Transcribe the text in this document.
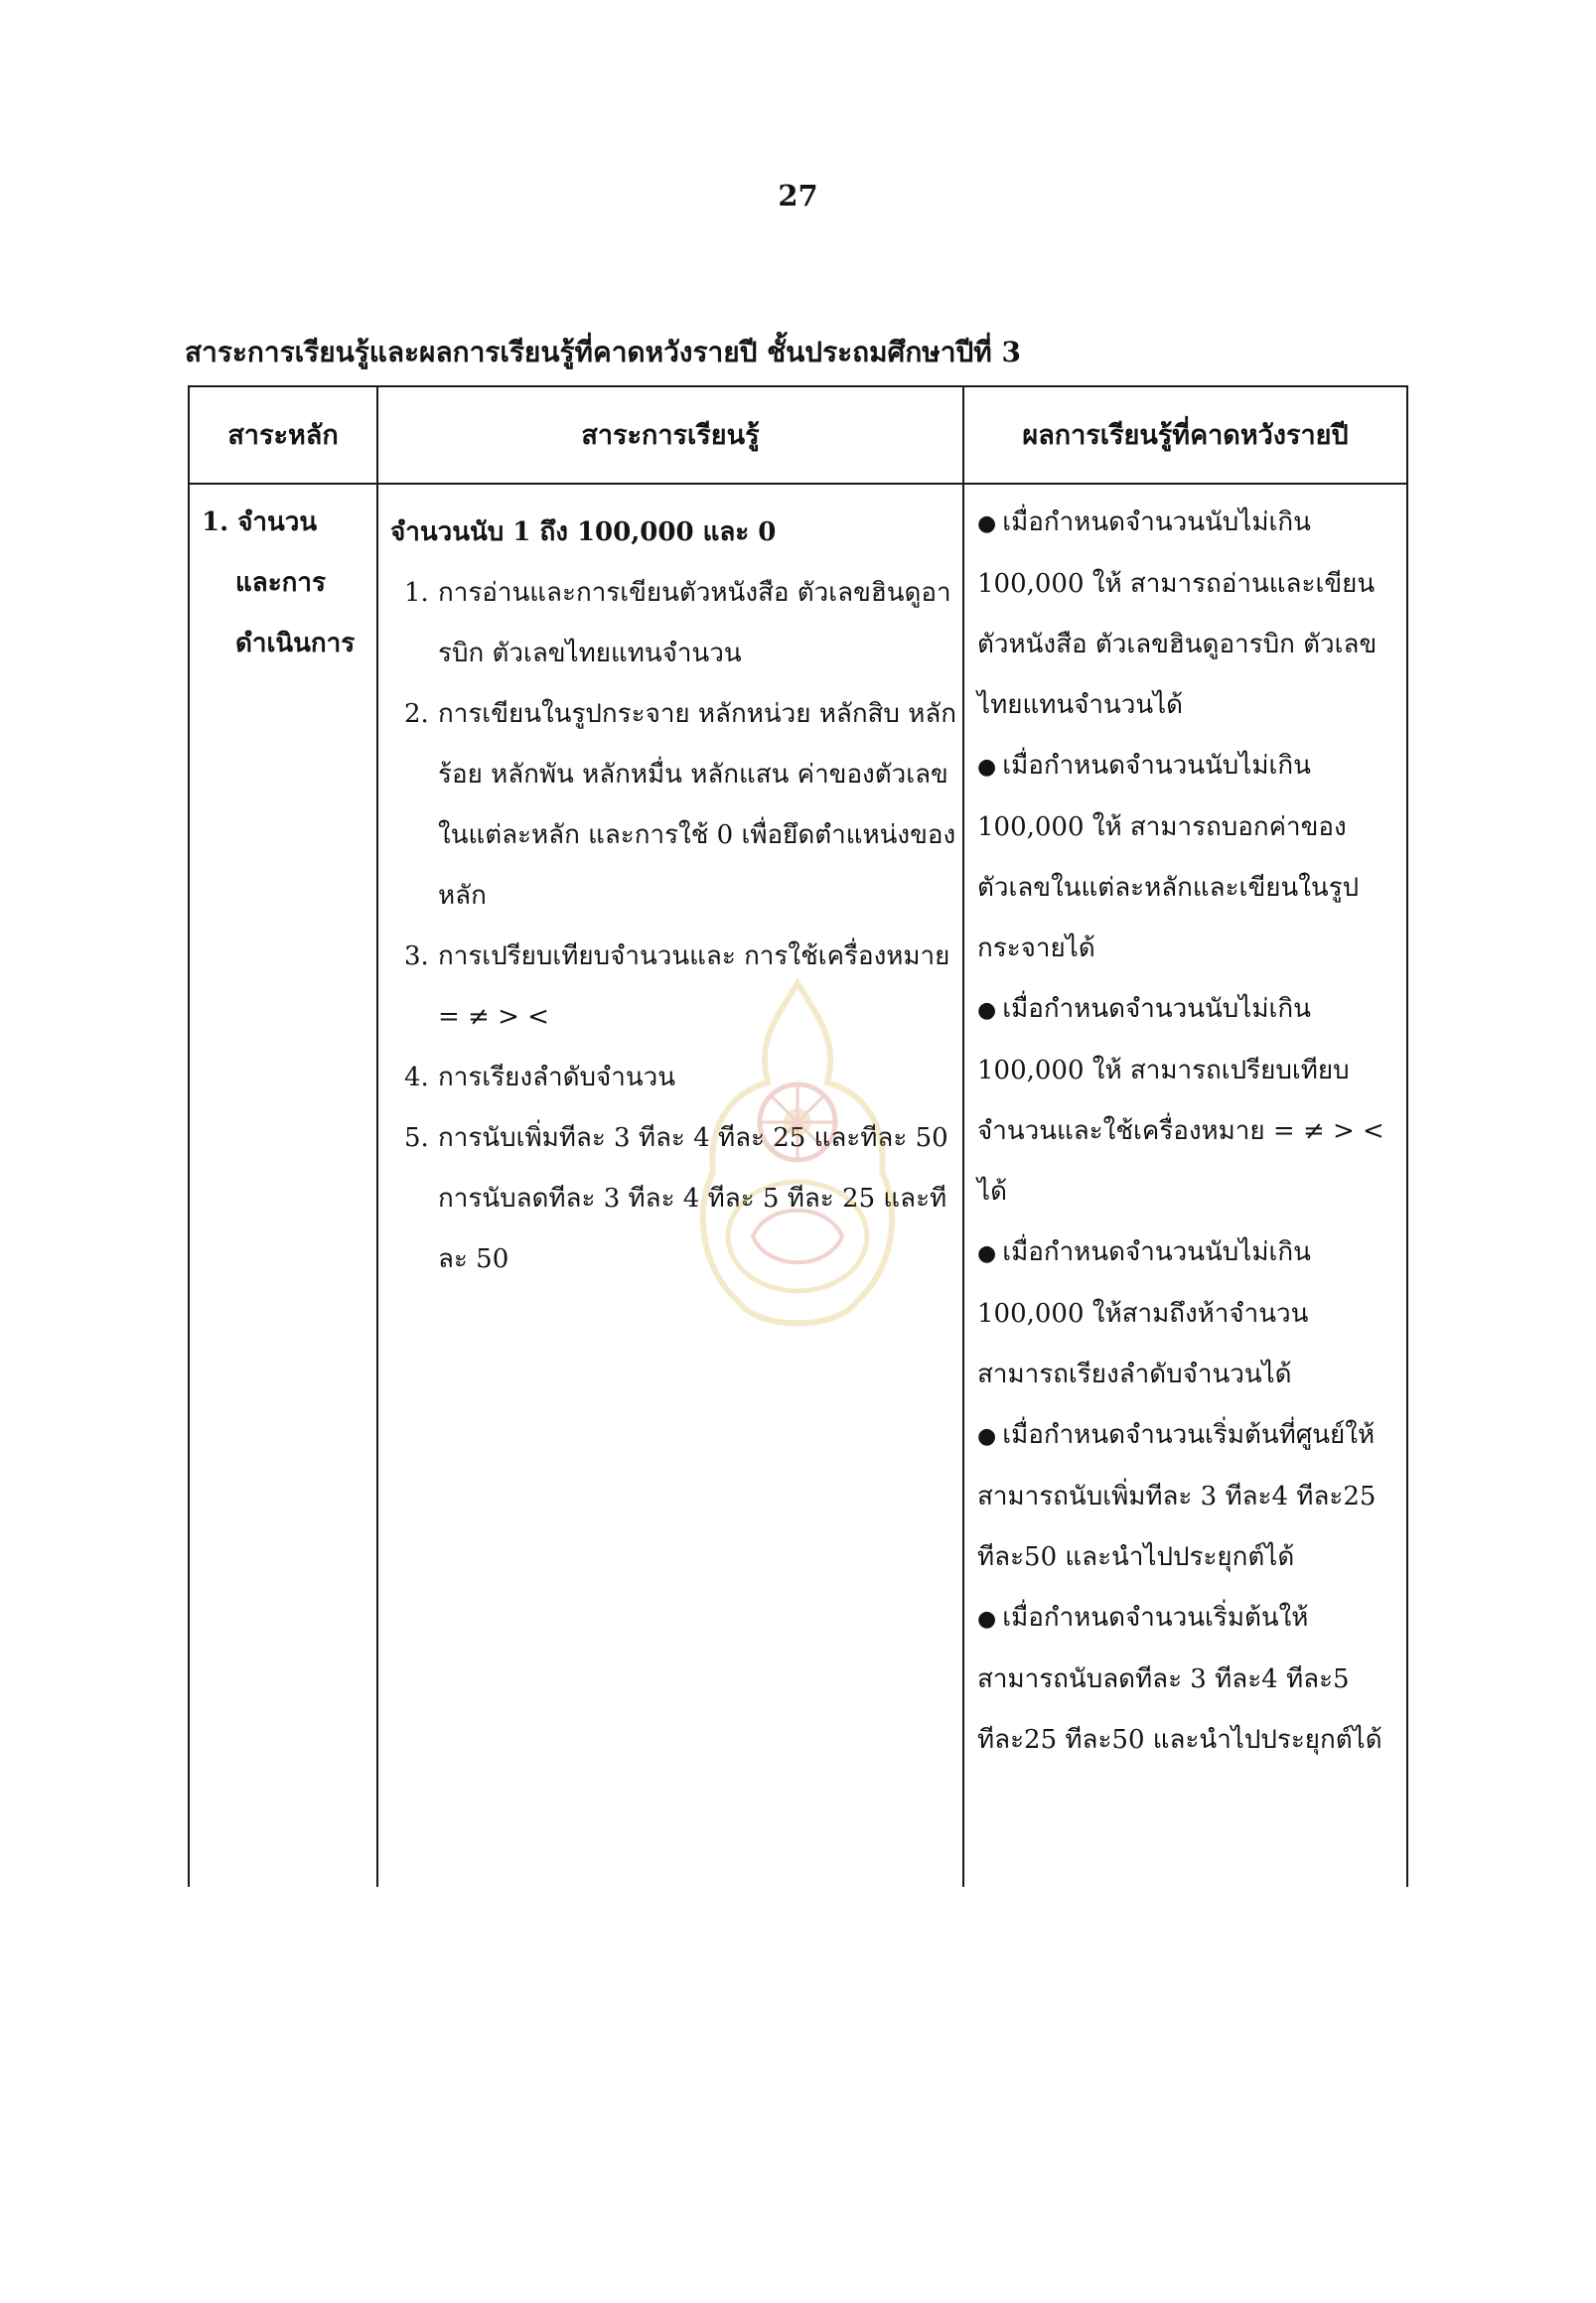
27
สาระการเรียนรู้และผลการเรียนรู้ที่คาดหวังรายปี ชั้นประถมศึกษาปีที่ 3
สาระหลัก	สาระการเรียนรู้	ผลการเรียนรู้ที่คาดหวังรายปี
1. จำนวน
และการ
ดำเนินการ
จำนวนนับ 1 ถึง 100,000 และ 0
1. การอ่านและการเขียนตัวหนังสือ ตัวเลขฮินดูอารบิก ตัวเลขไทยแทนจำนวน
2. การเขียนในรูปกระจาย หลักหน่วย หลักสิบ หลักร้อย หลักพัน หลักหมื่น หลักแสน ค่าของตัวเลขในแต่ละหลัก และการใช้ 0 เพื่อยึดตำแหน่งของหลัก
3. การเปรียบเทียบจำนวนและ การใช้เครื่องหมาย = ≠ > <
4. การเรียงลำดับจำนวน
5. การนับเพิ่มทีละ 3 ทีละ 4 ทีละ 25 และทีละ 50 การนับลดทีละ 3 ทีละ 4 ทีละ 5 ทีละ 25 และทีละ 50

● เมื่อกำหนดจำนวนนับไม่เกิน 100,000 ให้ สามารถอ่านและเขียนตัวหนังสือ ตัวเลขฮินดูอารบิก ตัวเลขไทยแทนจำนวนได้

● เมื่อกำหนดจำนวนนับไม่เกิน 100,000 ให้ สามารถบอกค่าของตัวเลขในแต่ละหลักและเขียนในรูปกระจายได้

● เมื่อกำหนดจำนวนนับไม่เกิน 100,000 ให้ สามารถเปรียบเทียบจำนวนและใช้เครื่องหมาย = ≠ > < ได้

● เมื่อกำหนดจำนวนนับไม่เกิน 100,000 ให้สามถึงห้าจำนวน สามารถเรียงลำดับจำนวนได้

● เมื่อกำหนดจำนวนเริ่มต้นที่ศูนย์ให้ สามารถนับเพิ่มทีละ 3 ทีละ4 ทีละ25 ทีละ50 และนำไปประยุกต์ได้

● เมื่อกำหนดจำนวนเริ่มต้นให้ สามารถนับลดทีละ 3 ทีละ4 ทีละ5 ทีละ25 ทีละ50 และนำไปประยุกต์ได้
